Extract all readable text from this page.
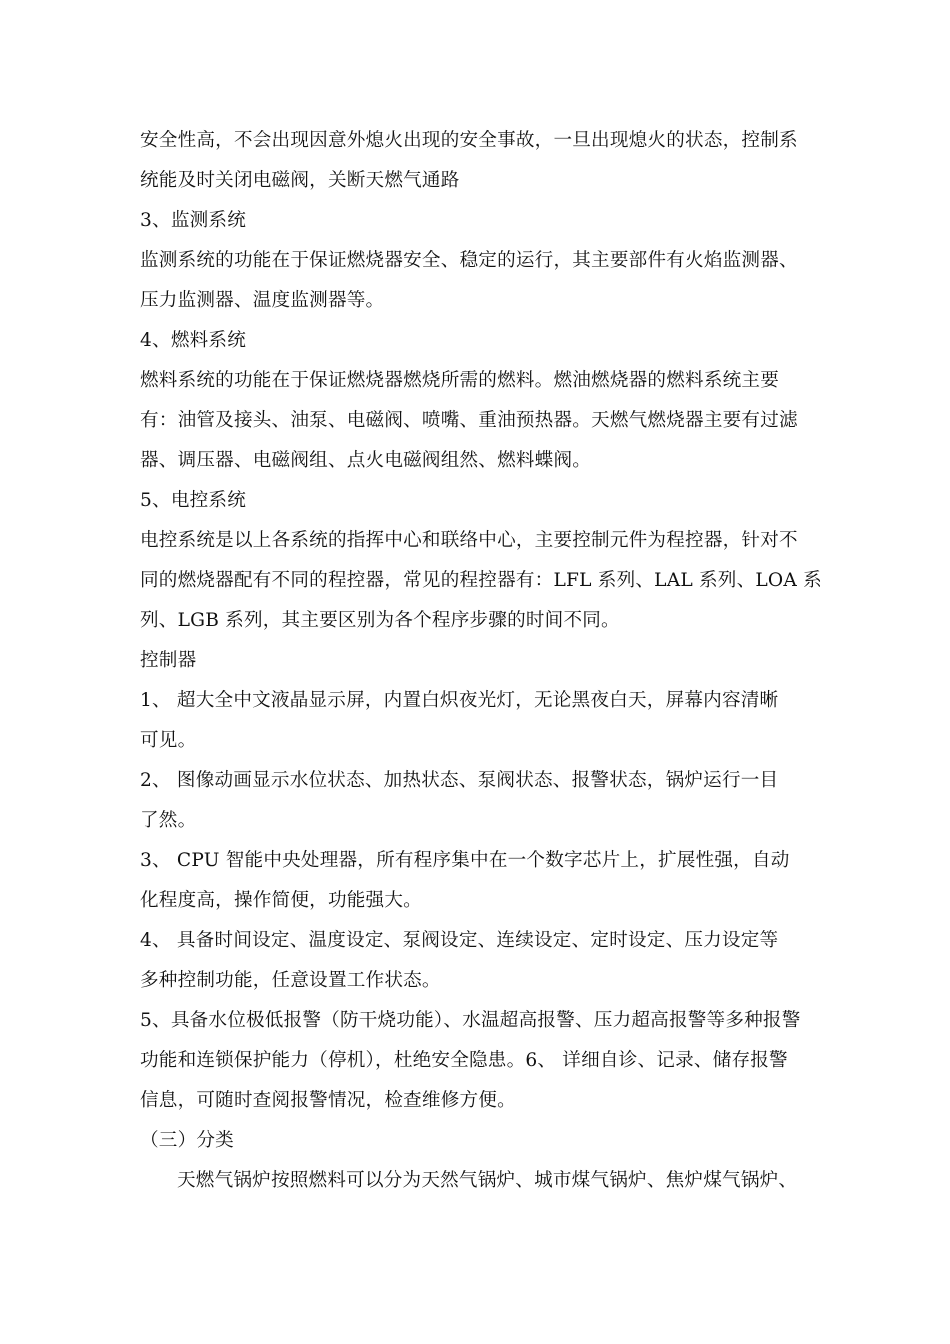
安全性高，不会出现因意外熄火出现的安全事故，一旦出现熄火的状态，控制系
统能及时关闭电磁阀，关断天燃气通路
3、监测系统
监测系统的功能在于保证燃烧器安全、稳定的运行，其主要部件有火焰监测器、
压力监测器、温度监测器等。
4、燃料系统
燃料系统的功能在于保证燃烧器燃烧所需的燃料。燃油燃烧器的燃料系统主要
有：油管及接头、油泵、电磁阀、喷嘴、重油预热器。天燃气燃烧器主要有过滤
器、调压器、电磁阀组、点火电磁阀组然、燃料蝶阀。
5、电控系统
电控系统是以上各系统的指挥中心和联络中心，主要控制元件为程控器，针对不
同的燃烧器配有不同的程控器，常见的程控器有：LFL 系列、LAL 系列、LOA 系
列、LGB 系列，其主要区别为各个程序步骤的时间不同。
控制器
1、 超大全中文液晶显示屏，内置白炽夜光灯，无论黑夜白天，屏幕内容清晰
可见。
2、 图像动画显示水位状态、加热状态、泵阀状态、报警状态，锅炉运行一目
了然。
3、 CPU 智能中央处理器，所有程序集中在一个数字芯片上，扩展性强，自动
化程度高，操作简便，功能强大。
4、 具备时间设定、温度设定、泵阀设定、连续设定、定时设定、压力设定等
多种控制功能，任意设置工作状态。
5、具备水位极低报警（防干烧功能）、水温超高报警、压力超高报警等多种报警
功能和连锁保护能力（停机），杜绝安全隐患。6、 详细自诊、记录、储存报警
信息，可随时查阅报警情况，检查维修方便。
（三）分类
天燃气锅炉按照燃料可以分为天然气锅炉、城市煤气锅炉、焦炉煤气锅炉、
